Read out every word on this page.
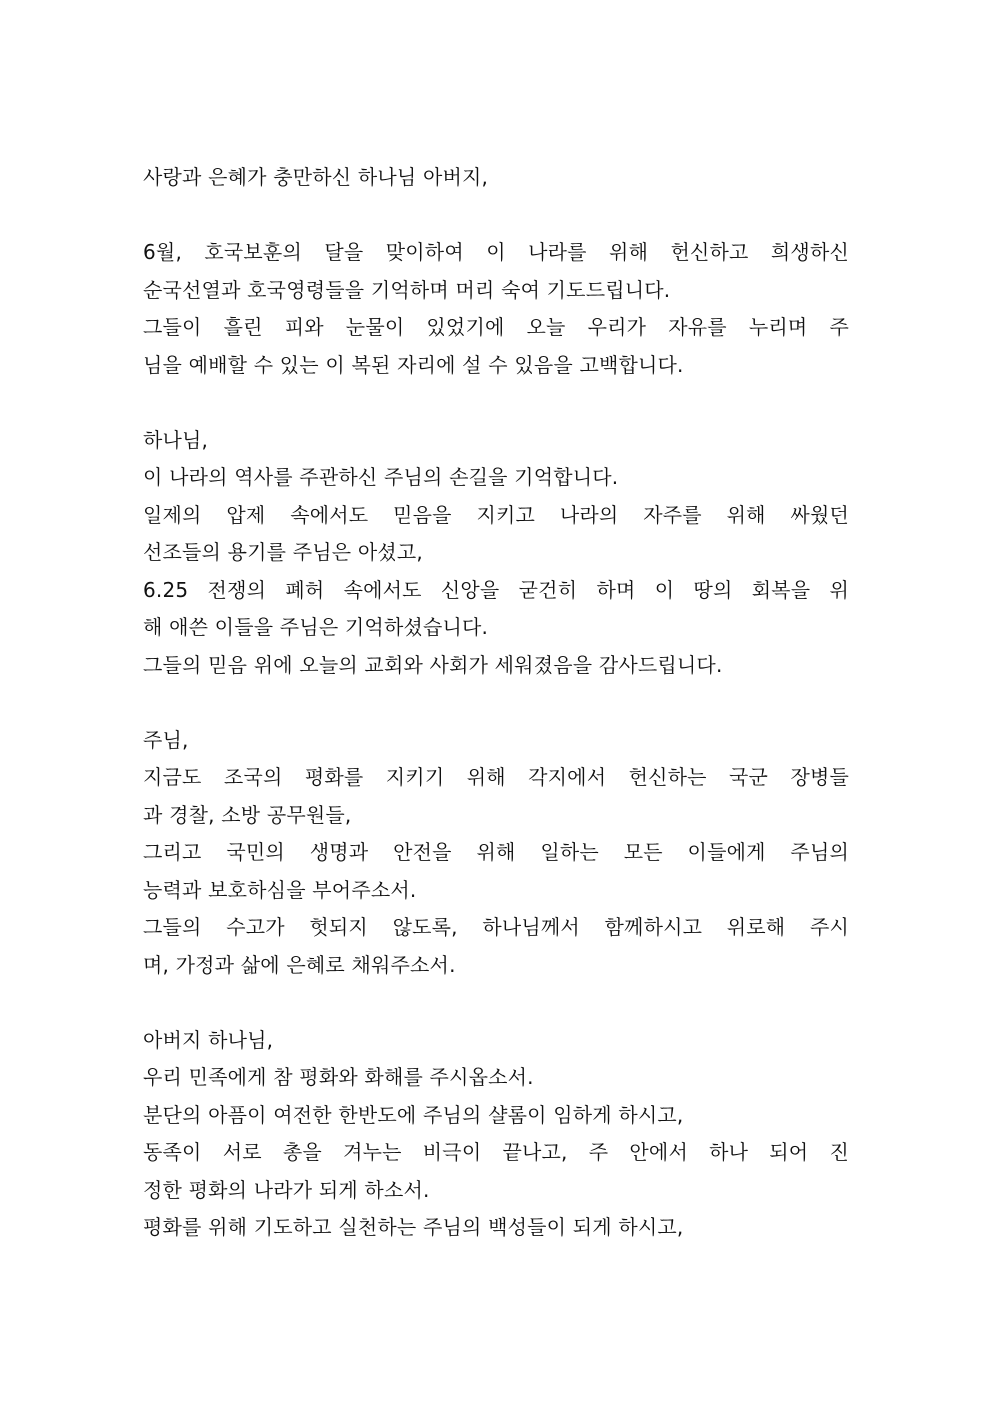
사랑과 은혜가 충만하신 하나님 아버지,
6월, 호국보훈의 달을 맞이하여 이 나라를 위해 헌신하고 희생하신
순국선열과 호국영령들을 기억하며 머리 숙여 기도드립니다.
그들이 흘린 피와 눈물이 있었기에 오늘 우리가 자유를 누리며 주
님을 예배할 수 있는 이 복된 자리에 설 수 있음을 고백합니다.
하나님,
이 나라의 역사를 주관하신 주님의 손길을 기억합니다.
일제의 압제 속에서도 믿음을 지키고 나라의 자주를 위해 싸웠던
선조들의 용기를 주님은 아셨고,
6.25 전쟁의 폐허 속에서도 신앙을 굳건히 하며 이 땅의 회복을 위
해 애쓴 이들을 주님은 기억하셨습니다.
그들의 믿음 위에 오늘의 교회와 사회가 세워졌음을 감사드립니다.
주님,
지금도 조국의 평화를 지키기 위해 각지에서 헌신하는 국군 장병들
과 경찰, 소방 공무원들,
그리고 국민의 생명과 안전을 위해 일하는 모든 이들에게 주님의
능력과 보호하심을 부어주소서.
그들의 수고가 헛되지 않도록, 하나님께서 함께하시고 위로해 주시
며, 가정과 삶에 은혜로 채워주소서.
아버지 하나님,
우리 민족에게 참 평화와 화해를 주시옵소서.
분단의 아픔이 여전한 한반도에 주님의 샬롬이 임하게 하시고,
동족이 서로 총을 겨누는 비극이 끝나고, 주 안에서 하나 되어 진
정한 평화의 나라가 되게 하소서.
평화를 위해 기도하고 실천하는 주님의 백성들이 되게 하시고,
